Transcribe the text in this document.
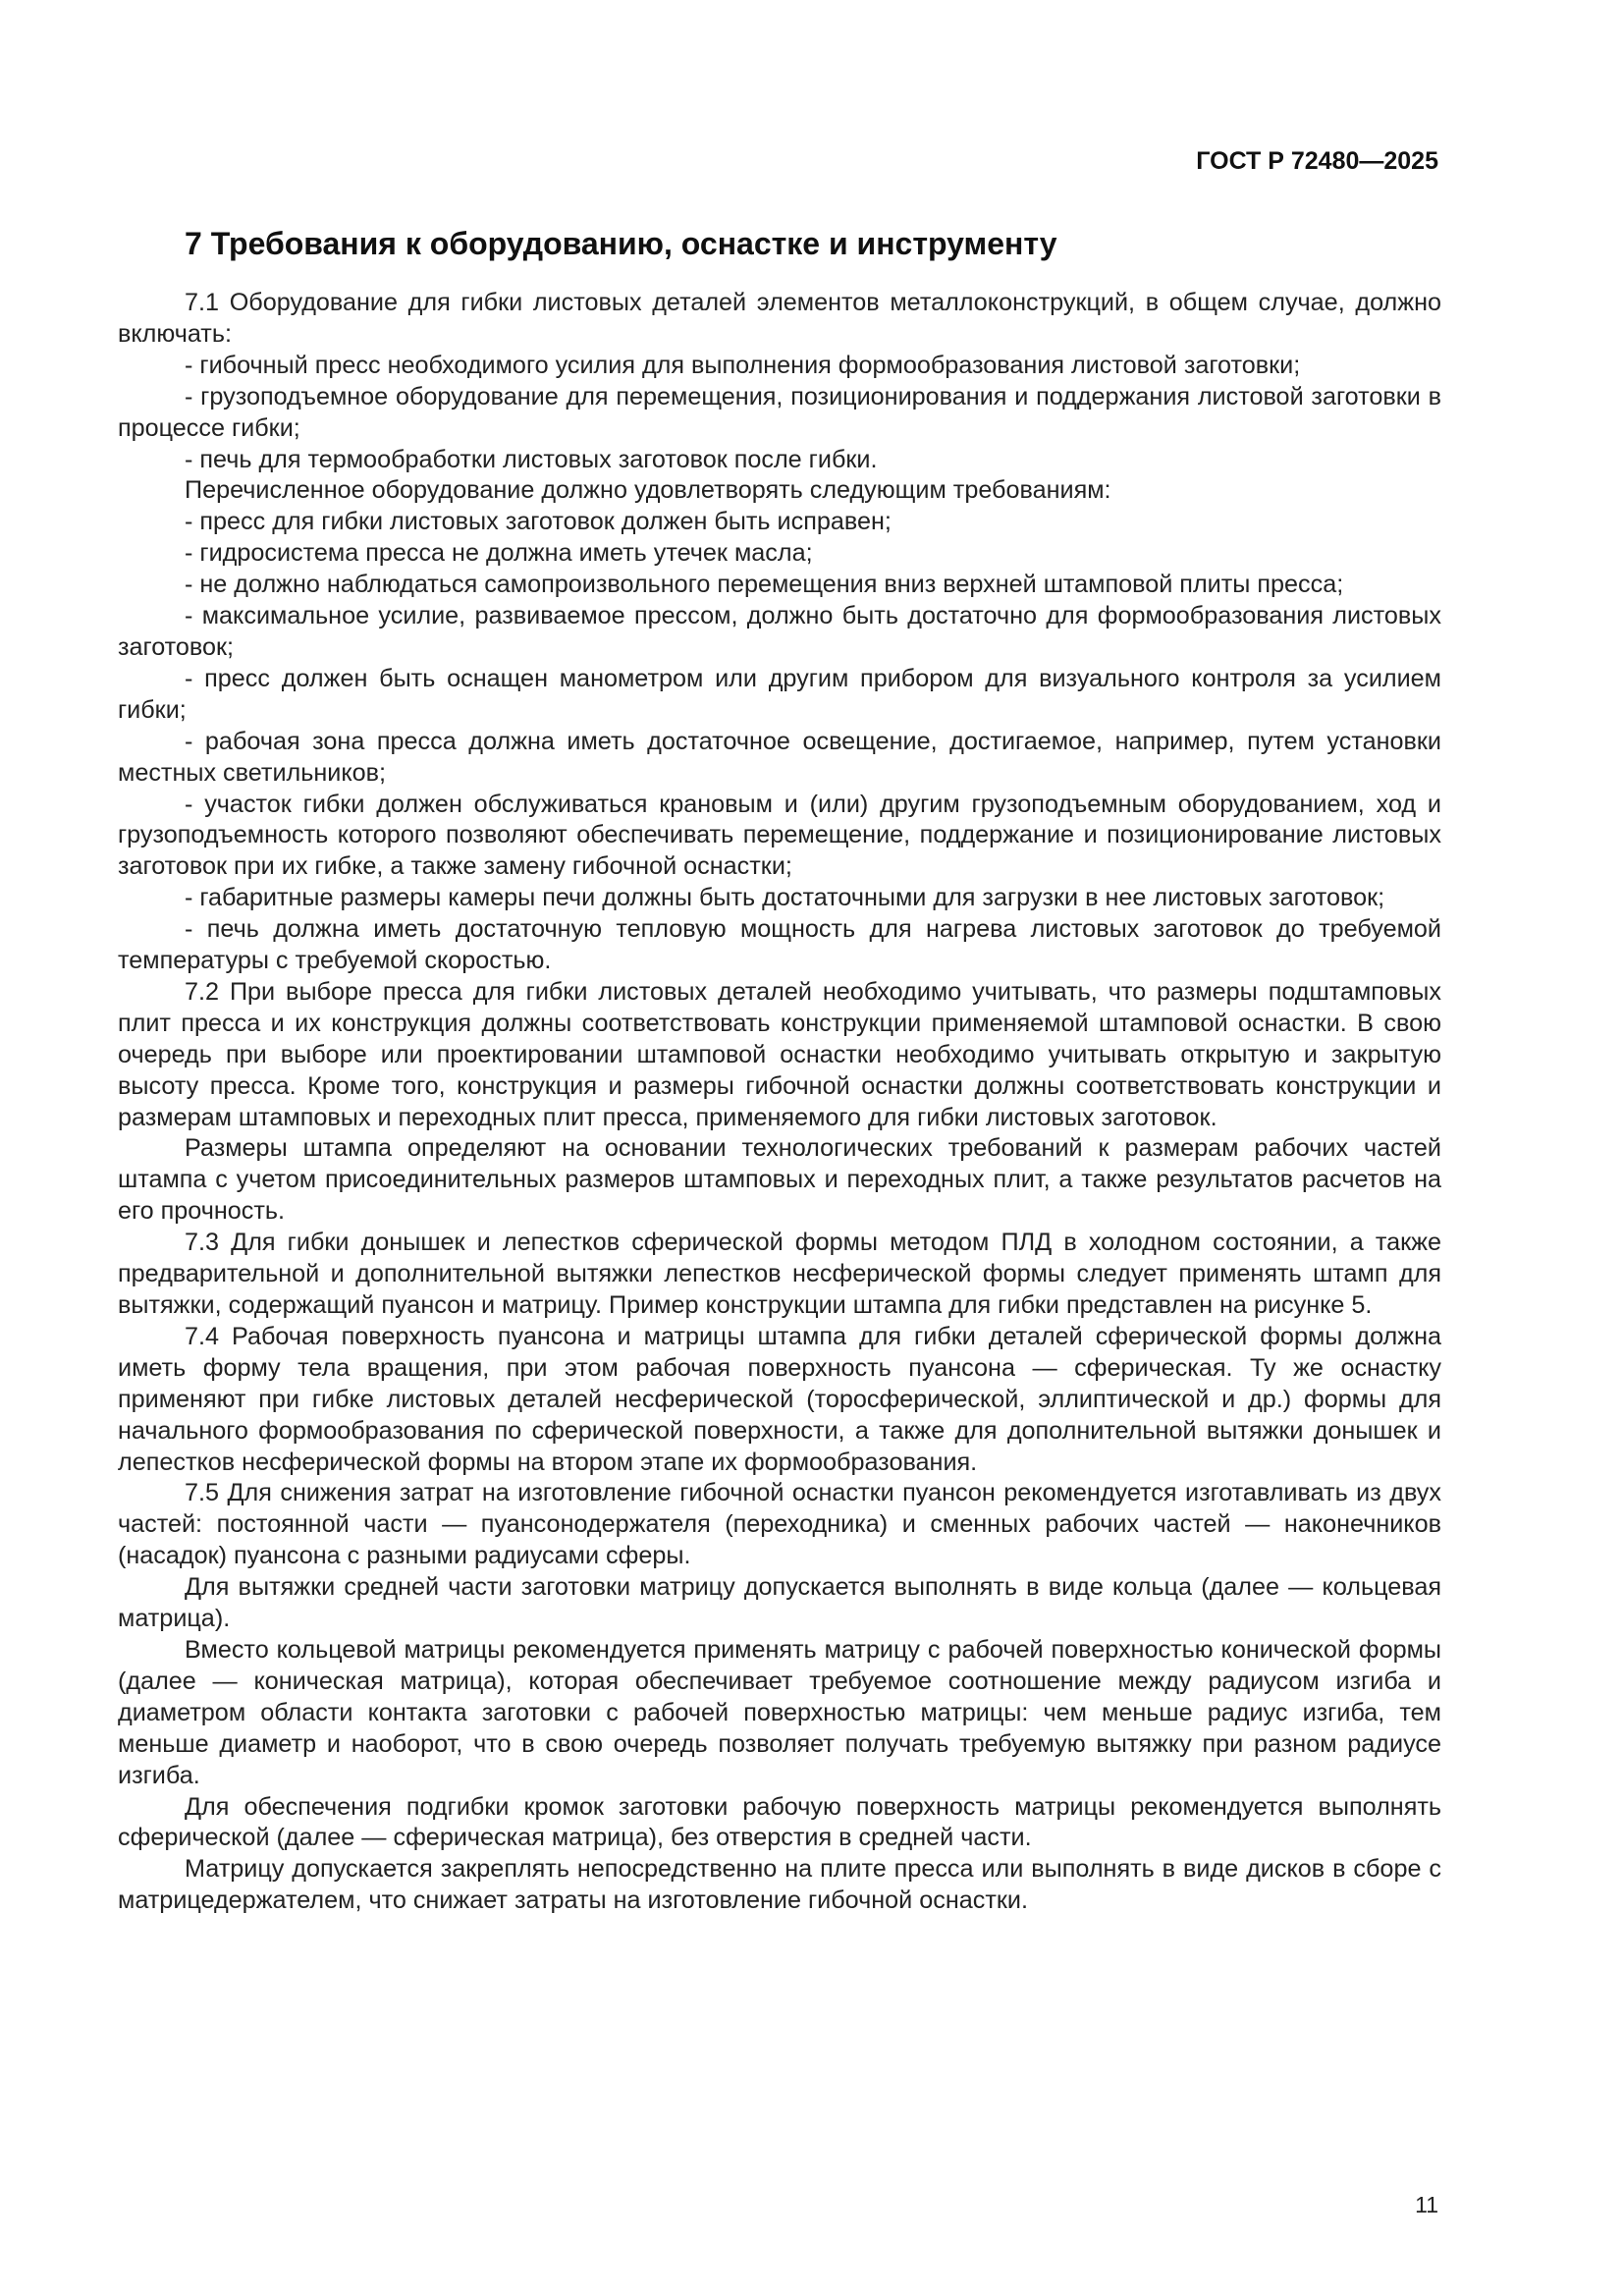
ГОСТ Р 72480—2025
7 Требования к оборудованию, оснастке и инструменту

7.1 Оборудование для гибки листовых деталей элементов металлоконструкций, в общем случае, должно включать:

- гибочный пресс необходимого усилия для выполнения формообразования листовой заготовки;

- грузоподъемное оборудование для перемещения, позиционирования и поддержания листовой заготовки в процессе гибки;

- печь для термообработки листовых заготовок после гибки.

Перечисленное оборудование должно удовлетворять следующим требованиям:

- пресс для гибки листовых заготовок должен быть исправен;

- гидросистема пресса не должна иметь утечек масла;

- не должно наблюдаться самопроизвольного перемещения вниз верхней штамповой плиты пресса;

- максимальное усилие, развиваемое прессом, должно быть достаточно для формообразования листовых заготовок;

- пресс должен быть оснащен манометром или другим прибором для визуального контроля за усилием гибки;

- рабочая зона пресса должна иметь достаточное освещение, достигаемое, например, путем установки местных светильников;

- участок гибки должен обслуживаться крановым и (или) другим грузоподъемным оборудованием, ход и грузоподъемность которого позволяют обеспечивать перемещение, поддержание и позиционирование листовых заготовок при их гибке, а также замену гибочной оснастки;

- габаритные размеры камеры печи должны быть достаточными для загрузки в нее листовых заготовок;

- печь должна иметь достаточную тепловую мощность для нагрева листовых заготовок до требуемой температуры с требуемой скоростью.

7.2 При выборе пресса для гибки листовых деталей необходимо учитывать, что размеры подштамповых плит пресса и их конструкция должны соответствовать конструкции применяемой штамповой оснастки. В свою очередь при выборе или проектировании штамповой оснастки необходимо учитывать открытую и закрытую высоту пресса. Кроме того, конструкция и размеры гибочной оснастки должны соответствовать конструкции и размерам штамповых и переходных плит пресса, применяемого для гибки листовых заготовок.

Размеры штампа определяют на основании технологических требований к размерам рабочих частей штампа с учетом присоединительных размеров штамповых и переходных плит, а также результатов расчетов на его прочность.

7.3 Для гибки донышек и лепестков сферической формы методом ПЛД в холодном состоянии, а также предварительной и дополнительной вытяжки лепестков несферической формы следует применять штамп для вытяжки, содержащий пуансон и матрицу. Пример конструкции штампа для гибки представлен на рисунке 5.

7.4 Рабочая поверхность пуансона и матрицы штампа для гибки деталей сферической формы должна иметь форму тела вращения, при этом рабочая поверхность пуансона — сферическая. Ту же оснастку применяют при гибке листовых деталей несферической (торосферической, эллиптической и др.) формы для начального формообразования по сферической поверхности, а также для дополнительной вытяжки донышек и лепестков несферической формы на втором этапе их формообразования.

7.5 Для снижения затрат на изготовление гибочной оснастки пуансон рекомендуется изготавливать из двух частей: постоянной части — пуансонодержателя (переходника) и сменных рабочих частей — наконечников (насадок) пуансона с разными радиусами сферы.

Для вытяжки средней части заготовки матрицу допускается выполнять в виде кольца (далее — кольцевая матрица).

Вместо кольцевой матрицы рекомендуется применять матрицу с рабочей поверхностью конической формы (далее — коническая матрица), которая обеспечивает требуемое соотношение между радиусом изгиба и диаметром области контакта заготовки с рабочей поверхностью матрицы: чем меньше радиус изгиба, тем меньше диаметр и наоборот, что в свою очередь позволяет получать требуемую вытяжку при разном радиусе изгиба.

Для обеспечения подгибки кромок заготовки рабочую поверхность матрицы рекомендуется выполнять сферической (далее — сферическая матрица), без отверстия в средней части.

Матрицу допускается закреплять непосредственно на плите пресса или выполнять в виде дисков в сборе с матрицедержателем, что снижает затраты на изготовление гибочной оснастки.

11
